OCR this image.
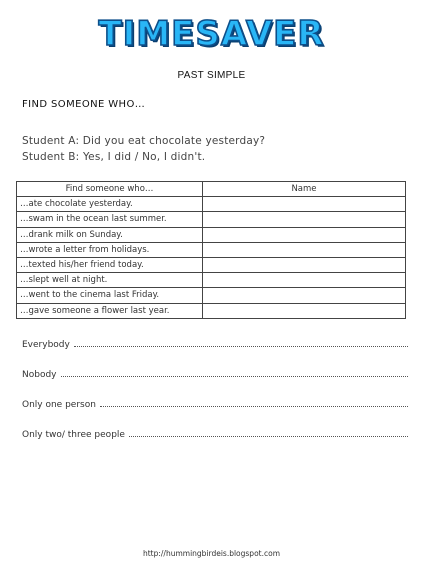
TIMESAVER
PAST SIMPLE
FIND SOMEONE WHO…
Student A: Did you eat chocolate yesterday?
Student B: Yes, I did / No, I didn't.
Find someone who…	Name
…ate chocolate yesterday.	
…swam in the ocean last summer.	
…drank milk on Sunday.	
…wrote a letter from holidays.	
…texted his/her friend today.	
…slept well at night.	
…went to the cinema last Friday.	
…gave someone a flower last year.	
Everybody
Nobody
Only one person
Only two/ three people
http://hummingbirdeis.blogspot.com
